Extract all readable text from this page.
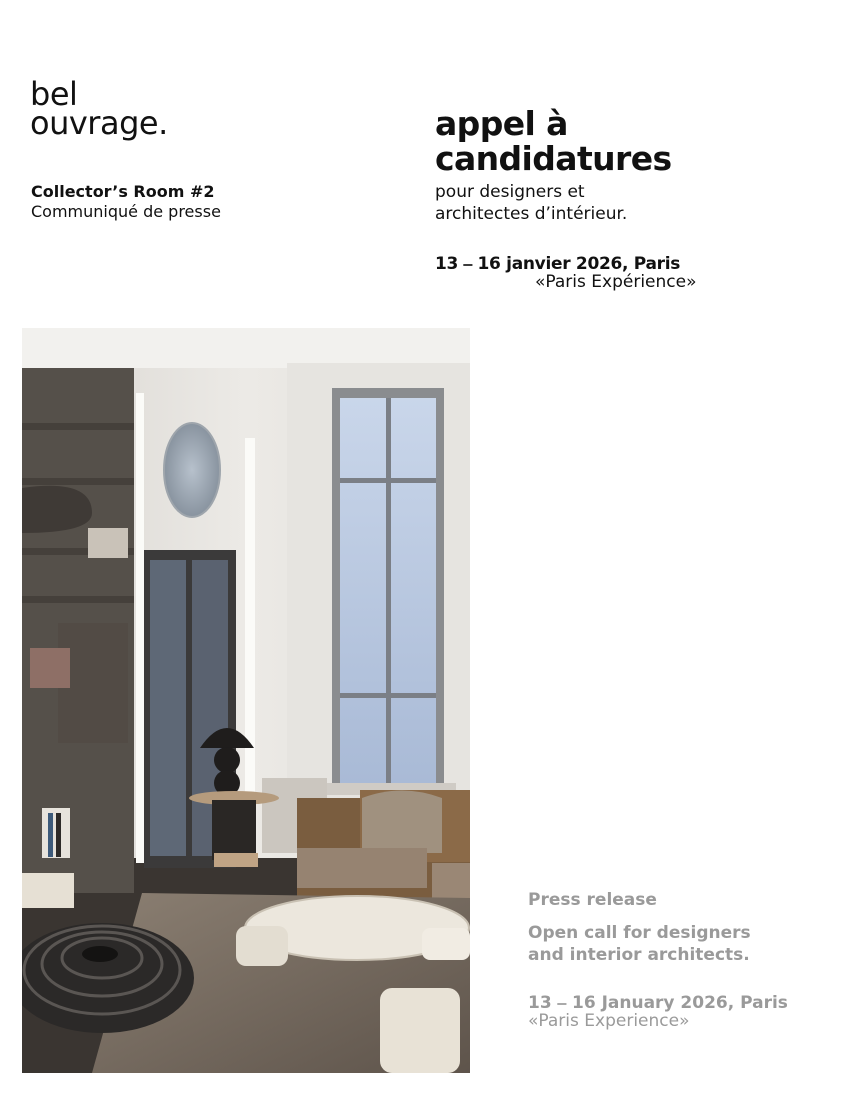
bel
ouvrage.
Collector’s Room #2
Communiqué de presse
appel à
candidatures
pour designers et
architectes d’intérieur.
13 ⎯ 16 janvier 2026, Paris
«Paris Expérience»
Press release
Open call for designers
and interior architects.
13 ⎯ 16 January 2026, Paris
«Paris Experience»
